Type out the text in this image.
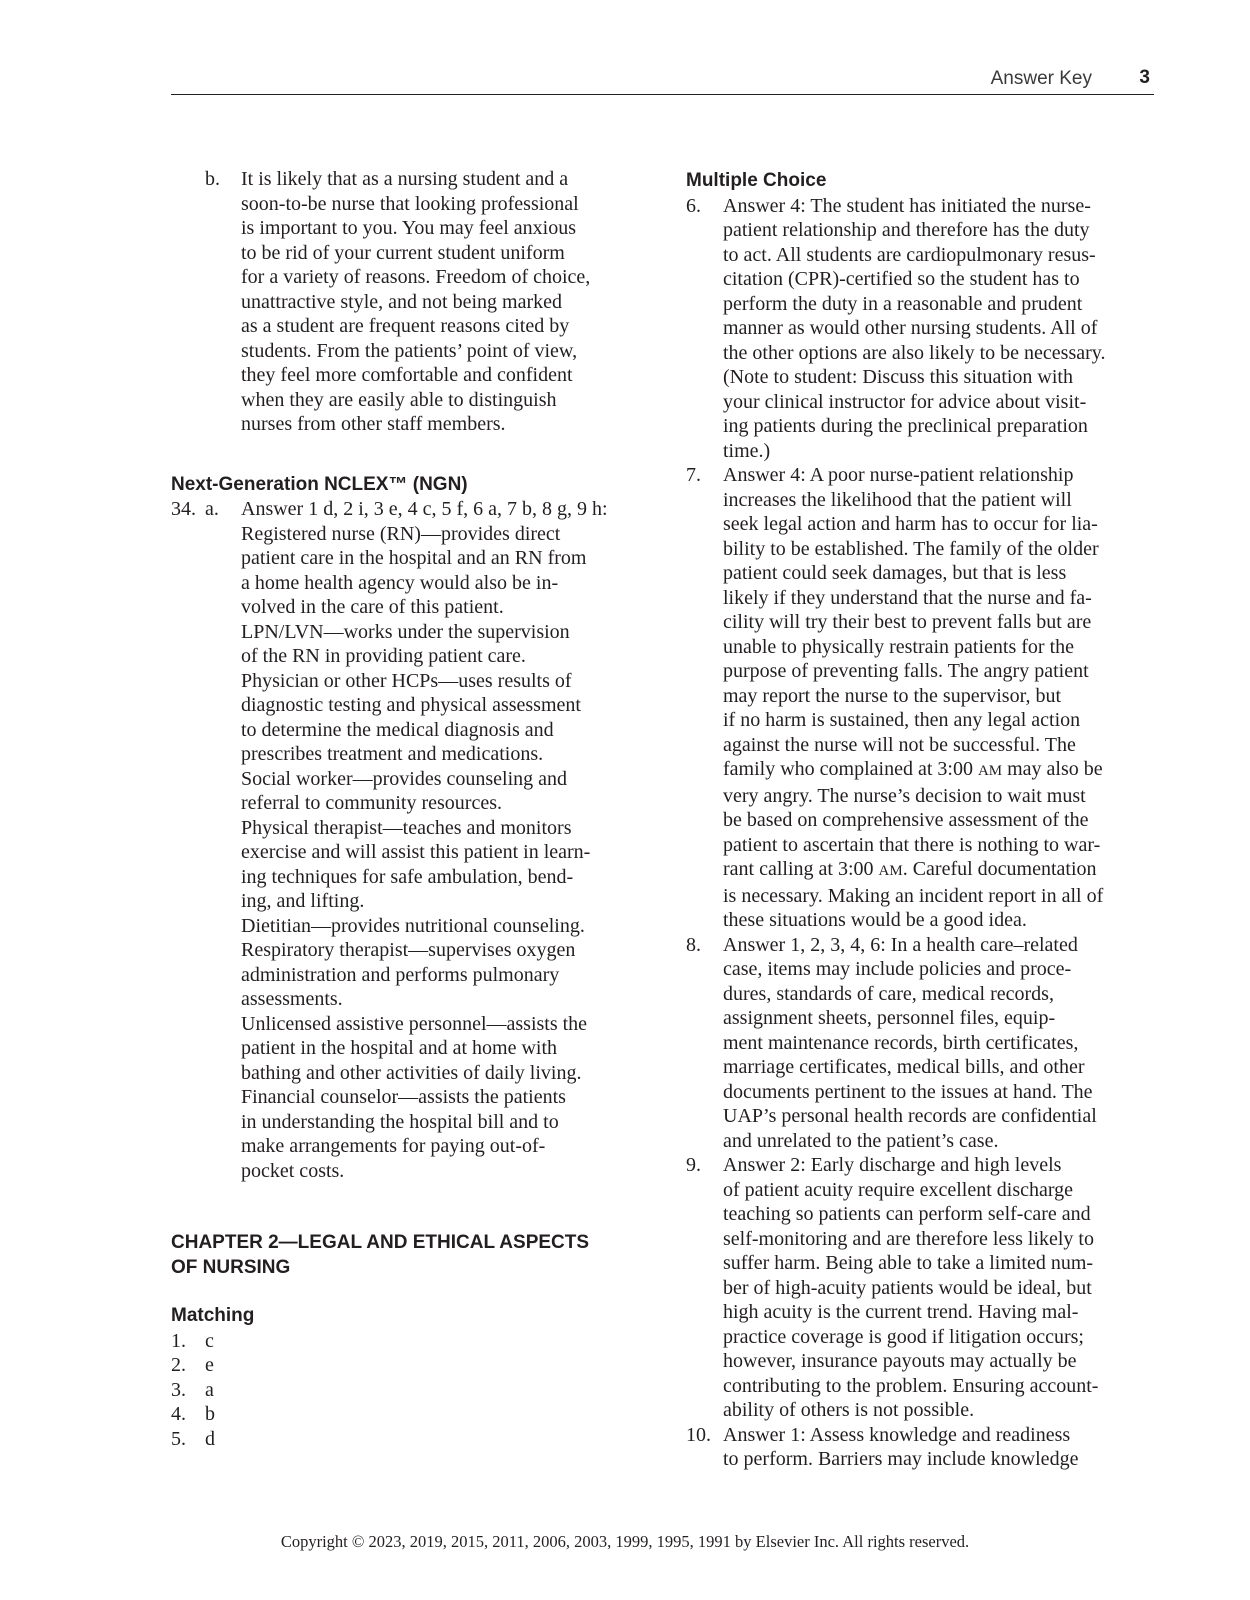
Answer Key 3
b. It is likely that as a nursing student and a
soon-to-be nurse that looking professional
is important to you. You may feel anxious
to be rid of your current student uniform
for a variety of reasons. Freedom of choice,
unattractive style, and not being marked
as a student are frequent reasons cited by
students. From the patients’ point of view,
they feel more comfortable and confident
when they are easily able to distinguish
nurses from other staff members.
Next-Generation NCLEX™ (NGN)
34. a. Answer 1 d, 2 i, 3 e, 4 c, 5 f, 6 a, 7 b, 8 g, 9 h:
Registered nurse (RN)—provides direct
patient care in the hospital and an RN from
a home health agency would also be in-
volved in the care of this patient.
LPN/LVN—works under the supervision
of the RN in providing patient care.
Physician or other HCPs—uses results of
diagnostic testing and physical assessment
to determine the medical diagnosis and
prescribes treatment and medications.
Social worker—provides counseling and
referral to community resources.
Physical therapist—teaches and monitors
exercise and will assist this patient in learn-
ing techniques for safe ambulation, bend-
ing, and lifting.
Dietitian—provides nutritional counseling.
Respiratory therapist—supervises oxygen
administration and performs pulmonary
assessments.
Unlicensed assistive personnel—assists the
patient in the hospital and at home with
bathing and other activities of daily living.
Financial counselor—assists the patients
in understanding the hospital bill and to
make arrangements for paying out-of-
pocket costs.
CHAPTER 2—LEGAL AND ETHICAL ASPECTS
OF NURSING
Matching
1. c
2. e
3. a
4. b
5. d
Multiple Choice
6. Answer 4: The student has initiated the nurse-
patient relationship and therefore has the duty
to act. All students are cardiopulmonary resus-
citation (CPR)-certified so the student has to
perform the duty in a reasonable and prudent
manner as would other nursing students. All of
the other options are also likely to be necessary.
(Note to student: Discuss this situation with
your clinical instructor for advice about visit-
ing patients during the preclinical preparation
time.)
7. Answer 4: A poor nurse-patient relationship
increases the likelihood that the patient will
seek legal action and harm has to occur for lia-
bility to be established. The family of the older
patient could seek damages, but that is less
likely if they understand that the nurse and fa-
cility will try their best to prevent falls but are
unable to physically restrain patients for the
purpose of preventing falls. The angry patient
may report the nurse to the supervisor, but
if no harm is sustained, then any legal action
against the nurse will not be successful. The
family who complained at 3:00 AM may also be
very angry. The nurse’s decision to wait must
be based on comprehensive assessment of the
patient to ascertain that there is nothing to war-
rant calling at 3:00 AM. Careful documentation
is necessary. Making an incident report in all of
these situations would be a good idea.
8. Answer 1, 2, 3, 4, 6: In a health care–related
case, items may include policies and proce-
dures, standards of care, medical records,
assignment sheets, personnel files, equip-
ment maintenance records, birth certificates,
marriage certificates, medical bills, and other
documents pertinent to the issues at hand. The
UAP’s personal health records are confidential
and unrelated to the patient’s case.
9. Answer 2: Early discharge and high levels
of patient acuity require excellent discharge
teaching so patients can perform self-care and
self-monitoring and are therefore less likely to
suffer harm. Being able to take a limited num-
ber of high-acuity patients would be ideal, but
high acuity is the current trend. Having mal-
practice coverage is good if litigation occurs;
however, insurance payouts may actually be
contributing to the problem. Ensuring account-
ability of others is not possible.
10. Answer 1: Assess knowledge and readiness
to perform. Barriers may include knowledge
Copyright © 2023, 2019, 2015, 2011, 2006, 2003, 1999, 1995, 1991 by Elsevier Inc. All rights reserved.
